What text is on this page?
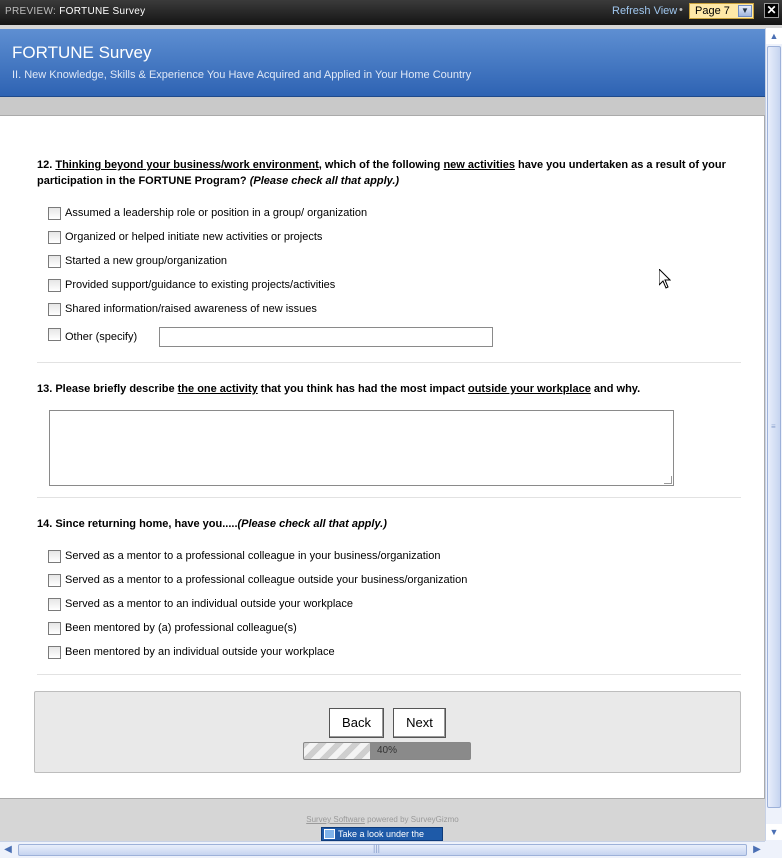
PREVIEW: FORTUNE Survey	Refresh View •	Page 7	▼ ✕
FORTUNE Survey
II. New Knowledge, Skills & Experience You Have Acquired and Applied in Your Home Country
12. Thinking beyond your business/work environment, which of the following new activities have you undertaken as a result of your participation in the FORTUNE Program? (Please check all that apply.)
Assumed a leadership role or position in a group/ organization
Organized or helped initiate new activities or projects
Started a new group/organization
Provided support/guidance to existing projects/activities
Shared information/raised awareness of new issues
Other (specify)
13. Please briefly describe the one activity that you think has had the most impact outside your workplace and why.
14. Since returning home, have you.....(Please check all that apply.)
Served as a mentor to a professional colleague in your business/organization
Served as a mentor to a professional colleague outside your business/organization
Served as a mentor to an individual outside your workplace
Been mentored by (a) professional colleague(s)
Been mentored by an individual outside your workplace
Back	Next
40%
Survey Software powered by SurveyGizmo
Take a look under the
▲
≡
▼
◀	|||	▶
